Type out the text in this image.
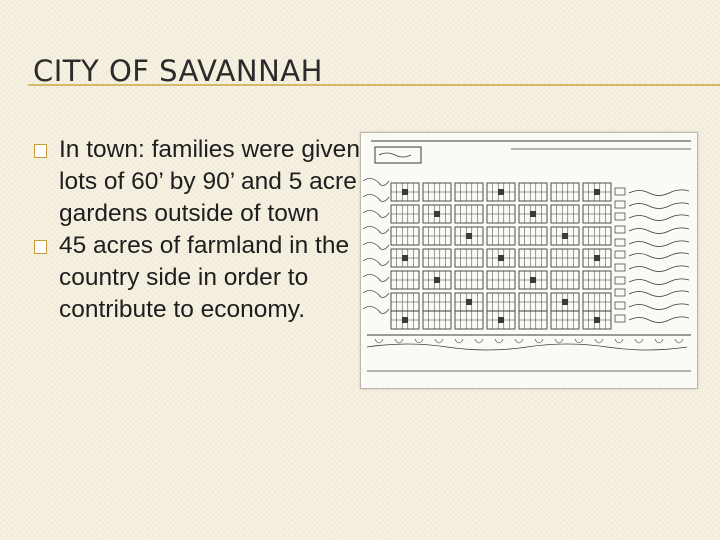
CITY OF SAVANNAH
In town: families were given lots of 60’ by 90’ and 5 acre gardens outside of town
45 acres of farmland in the country side in order to contribute to economy.
